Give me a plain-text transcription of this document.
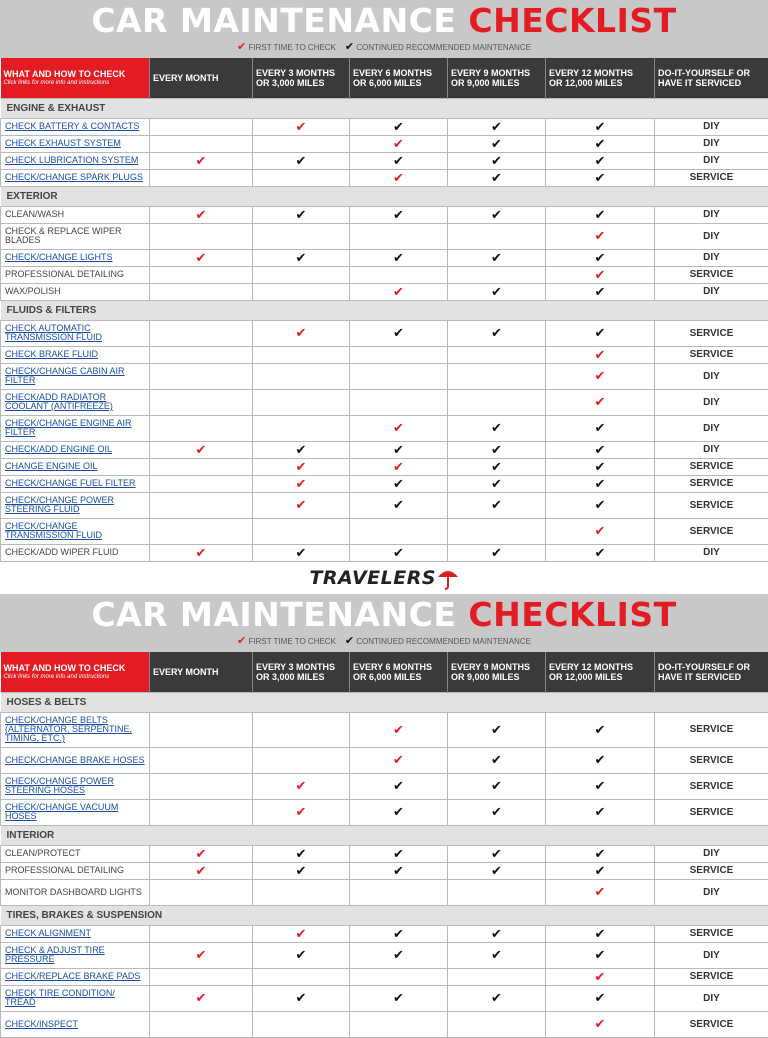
CAR MAINTENANCE CHECKLIST
✔ FIRST TIME TO CHECK ✔ CONTINUED RECOMMENDED MAINTENANCE
WHAT AND HOW TO CHECK
Click links for more info and instructions	EVERY MONTH	EVERY 3 MONTHS
OR 3,000 MILES	EVERY 6 MONTHS
OR 6,000 MILES	EVERY 9 MONTHS
OR 9,000 MILES	EVERY 12 MONTHS
OR 12,000 MILES	DO-IT-YOURSELF OR
HAVE IT SERVICED
ENGINE & EXHAUST						
CHECK BATTERY & CONTACTS		✔	✔	✔	✔	DIY
CHECK EXHAUST SYSTEM			✔	✔	✔	DIY
CHECK LUBRICATION SYSTEM	✔	✔	✔	✔	✔	DIY
CHECK/CHANGE SPARK PLUGS			✔	✔	✔	SERVICE
EXTERIOR						
CLEAN/WASH	✔	✔	✔	✔	✔	DIY
CHECK & REPLACE WIPER BLADES					✔	DIY
CHECK/CHANGE LIGHTS	✔	✔	✔	✔	✔	DIY
PROFESSIONAL DETAILING					✔	SERVICE
WAX/POLISH			✔	✔	✔	DIY
FLUIDS & FILTERS						
CHECK AUTOMATIC TRANSMISSION FLUID		✔	✔	✔	✔	SERVICE
CHECK BRAKE FLUID					✔	SERVICE
CHECK/CHANGE CABIN AIR FILTER					✔	DIY
CHECK/ADD RADIATOR COOLANT (ANTIFREEZE)					✔	DIY
CHECK/CHANGE ENGINE AIR FILTER			✔	✔	✔	DIY
CHECK/ADD ENGINE OIL	✔	✔	✔	✔	✔	DIY
CHANGE ENGINE OIL		✔	✔	✔	✔	SERVICE
CHECK/CHANGE FUEL FILTER		✔	✔	✔	✔	SERVICE
CHECK/CHANGE POWER STEERING FLUID		✔	✔	✔	✔	SERVICE
CHECK/CHANGE TRANSMISSION FLUID					✔	SERVICE
CHECK/ADD WIPER FLUID	✔	✔	✔	✔	✔	DIY
TRAVELERS
CAR MAINTENANCE CHECKLIST
✔ FIRST TIME TO CHECK ✔ CONTINUED RECOMMENDED MAINTENANCE
WHAT AND HOW TO CHECK
Click links for more info and instructions	EVERY MONTH	EVERY 3 MONTHS
OR 3,000 MILES	EVERY 6 MONTHS
OR 6,000 MILES	EVERY 9 MONTHS
OR 9,000 MILES	EVERY 12 MONTHS
OR 12,000 MILES	DO-IT-YOURSELF OR
HAVE IT SERVICED
HOSES & BELTS						
CHECK/CHANGE BELTS (ALTERNATOR, SERPENTINE, TIMING, ETC.)			✔	✔	✔	SERVICE
CHECK/CHANGE BRAKE HOSES			✔	✔	✔	SERVICE
CHECK/CHANGE POWER STEERING HOSES		✔	✔	✔	✔	SERVICE
CHECK/CHANGE VACUUM HOSES		✔	✔	✔	✔	SERVICE
INTERIOR						
CLEAN/PROTECT	✔	✔	✔	✔	✔	DIY
PROFESSIONAL DETAILING	✔	✔	✔	✔	✔	SERVICE
MONITOR DASHBOARD LIGHTS					✔	DIY
TIRES, BRAKES & SUSPENSION						
CHECK ALIGNMENT		✔	✔	✔	✔	SERVICE
CHECK & ADJUST TIRE PRESSURE	✔	✔	✔	✔	✔	DIY
CHECK/REPLACE BRAKE PADS					✔	SERVICE
CHECK TIRE CONDITION/ TREAD	✔	✔	✔	✔	✔	DIY
CHECK/INSPECT					✔	SERVICE
